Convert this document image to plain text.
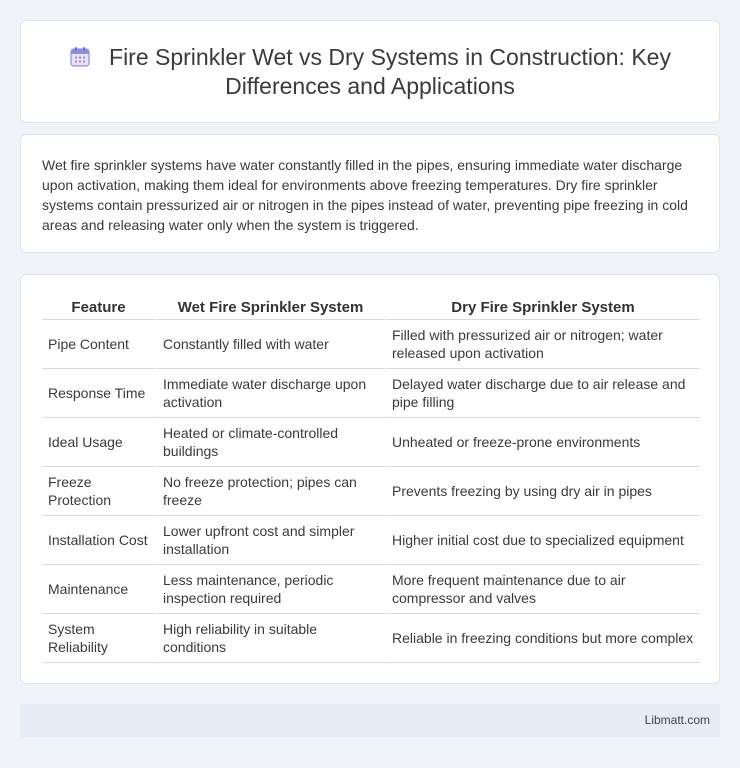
Fire Sprinkler Wet vs Dry Systems in Construction: Key Differences and Applications

Wet fire sprinkler systems have water constantly filled in the pipes, ensuring immediate water discharge upon activation, making them ideal for environments above freezing temperatures. Dry fire sprinkler systems contain pressurized air or nitrogen in the pipes instead of water, preventing pipe freezing in cold areas and releasing water only when the system is triggered.

Feature	Wet Fire Sprinkler System	Dry Fire Sprinkler System
Pipe Content	Constantly filled with water	Filled with pressurized air or nitrogen; water released upon activation
Response Time	Immediate water discharge upon activation	Delayed water discharge due to air release and pipe filling
Ideal Usage	Heated or climate-controlled buildings	Unheated or freeze-prone environments
Freeze Protection	No freeze protection; pipes can freeze	Prevents freezing by using dry air in pipes
Installation Cost	Lower upfront cost and simpler installation	Higher initial cost due to specialized equipment
Maintenance	Less maintenance, periodic inspection required	More frequent maintenance due to air compressor and valves
System Reliability	High reliability in suitable conditions	Reliable in freezing conditions but more complex
Libmatt.com
